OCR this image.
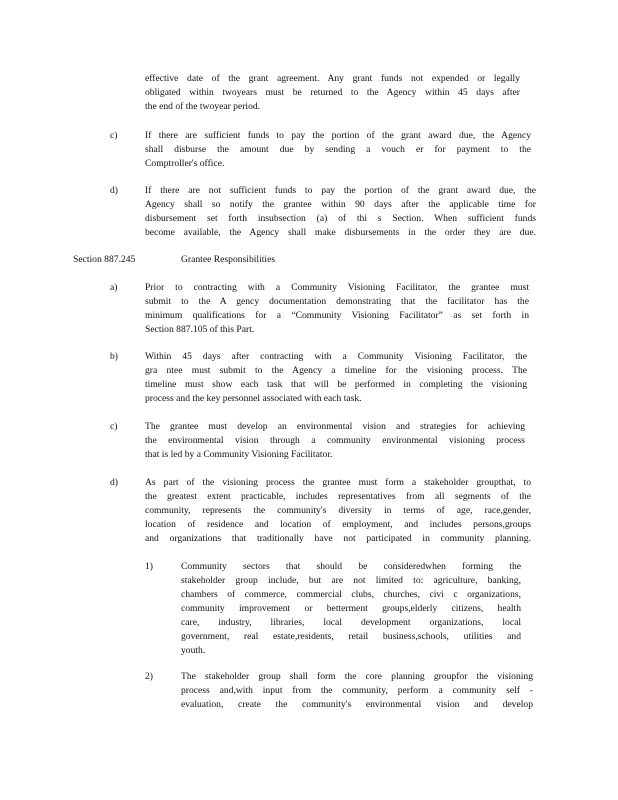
effective date of the grant agreement. Any grant funds not expended or legally
obligated within twoyears must be returned to the Agency within 45 days after
the end of the twoyear period.
c)	If there are sufficient funds to pay the portion of the grant award due, the Agency
shall disburse the amount due by sending a vouch er for payment to the
Comptroller's office.
d)	If there are not sufficient funds to pay the portion of the grant award due, the
Agency shall so notify the grantee within 90 days after the applicable time for
disbursement set forth insubsection (a) of thi s Section. When sufficient funds
become available, the Agency shall make disbursements in the order they are due.
Section 887.245	Grantee Responsibilities
a)	Prior to contracting with a Community Visioning Facilitator, the grantee must
submit to the A gency documentation demonstrating that the facilitator has the
minimum qualifications for a “Community Visioning Facilitator” as set forth in
Section 887.105 of this Part.
b)	Within 45 days after contracting with a Community Visioning Facilitator, the
gra ntee must submit to the Agency a timeline for the visioning process. The
timeline must show each task that will be performed in completing the visioning
process and the key personnel associated with each task.
c)	The grantee must develop an environmental vision and strategies for achieving
the environmental vision through a community environmental visioning process
that is led by a Community Visioning Facilitator.
d)	As part of the visioning process the grantee must form a stakeholder groupthat, to
the greatest extent practicable, includes representatives from all segments of the
community, represents the community's diversity in terms of age, race,gender,
location of residence and location of employment, and includes persons,groups
and organizations that traditionally have not participated in community planning.
1)	Community sectors that should be consideredwhen forming the
stakeholder group include, but are not limited to: agriculture, banking,
chambers of commerce, commercial clubs, churches, civi c organizations,
community improvement or betterment groups,elderly citizens, health
care, industry, libraries, local development organizations, local
government, real estate,residents, retail business,schools, utilities and
youth.
2)	The stakeholder group shall form the core planning groupfor the visioning
process and,with input from the community, perform a community self -
evaluation, create the community's environmental vision and develop
